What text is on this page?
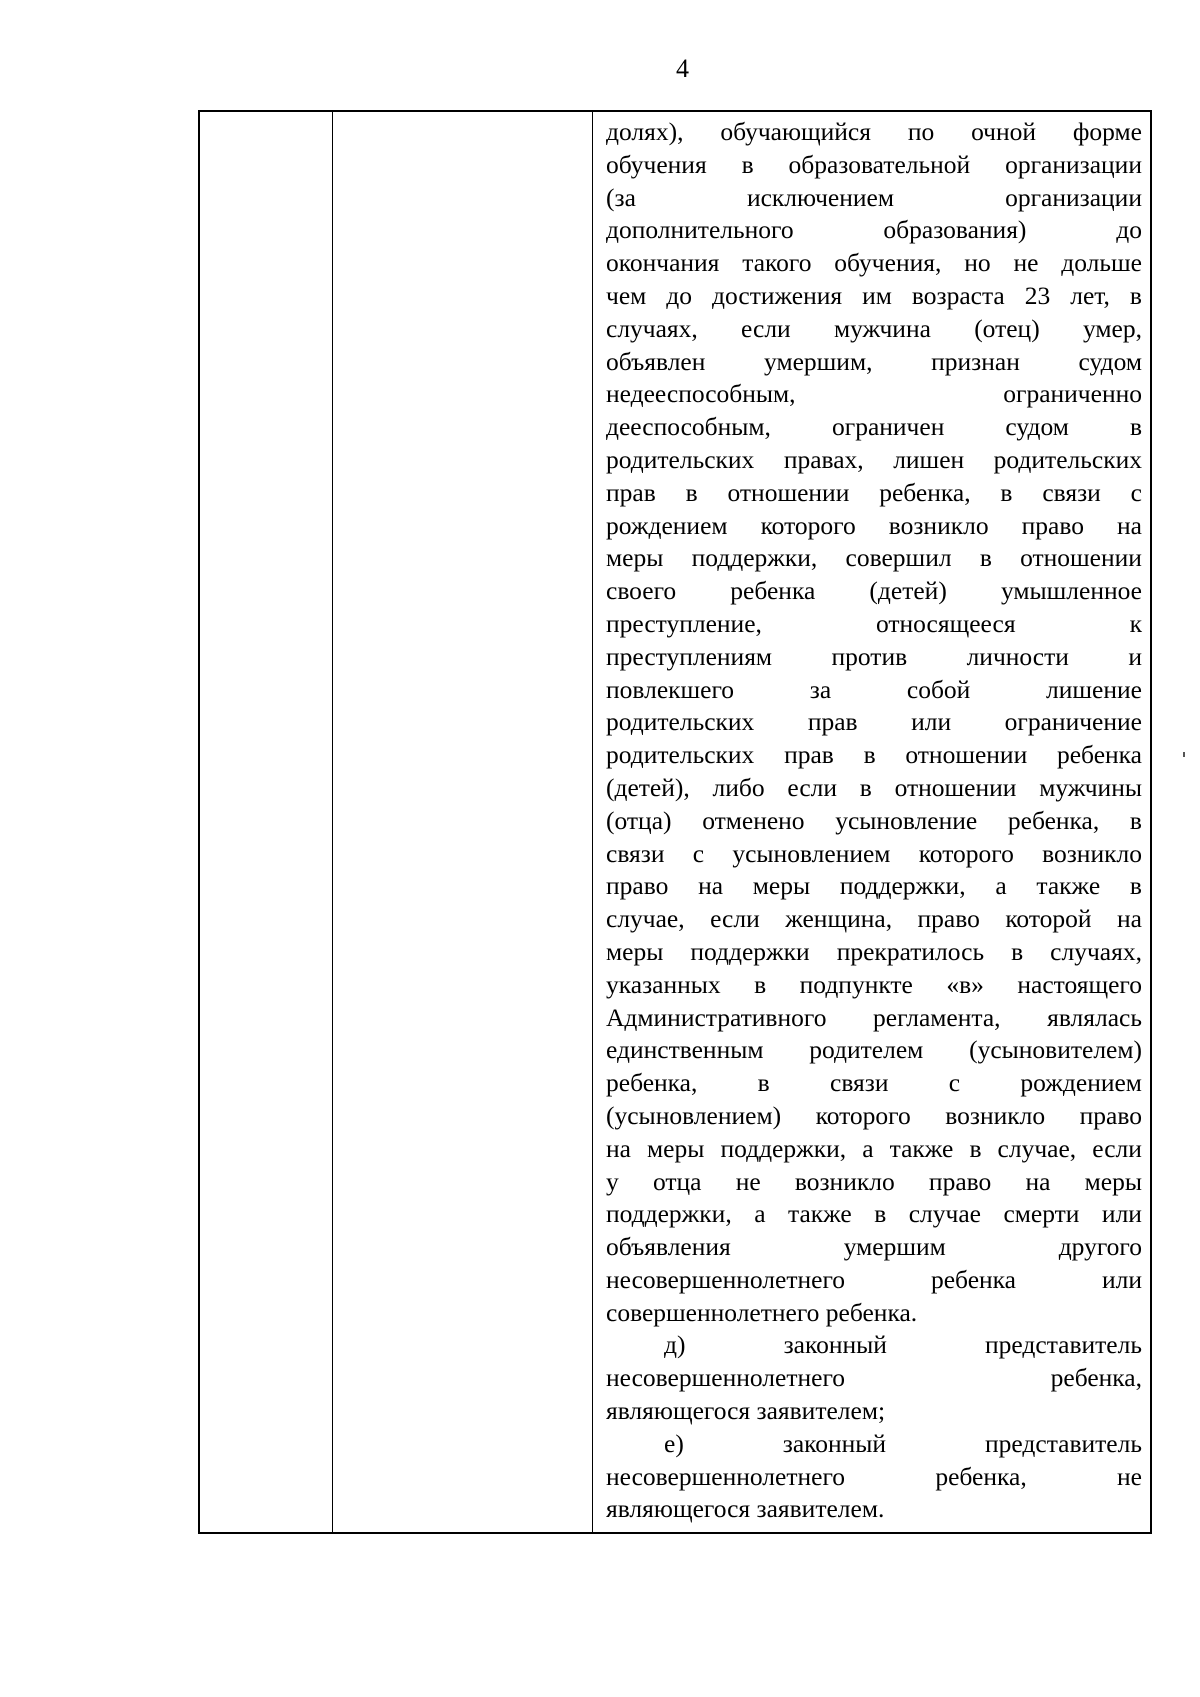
4
долях), обучающийся по очной форме
обучения в образовательной организации
(за	исключением	организации
дополнительного	образования)	до
окончания такого обучения, но не дольше
чем до достижения им возраста 23 лет, в
случаях, если мужчина (отец) умер,
объявлен умершим, признан судом
недееспособным,	ограниченно
дееспособным, ограничен судом в
родительских правах, лишен родительских
прав в отношении ребенка, в связи с
рождением которого возникло право на
меры поддержки, совершил в отношении
своего ребенка (детей) умышленное
преступление,	относящееся	к
преступлениям против личности и
повлекшего	за	собой	лишение
родительских прав или ограничение
родительских прав в отношении ребенка
(детей), либо если в отношении мужчины
(отца) отменено усыновление ребенка, в
связи с усыновлением которого возникло
право на меры поддержки, а также в
случае, если женщина, право которой на
меры поддержки прекратилось в случаях,
указанных в подпункте «в» настоящего
Административного регламента, являлась
единственным родителем (усыновителем)
ребенка, в связи с рождением
(усыновлением) которого возникло право
на меры поддержки, а также в случае, если
у отца не возникло право на меры
поддержки, а также в случае смерти или
объявления	умершим	другого
несовершеннолетнего	ребенка	или
совершеннолетнего ребенка.
д)	законный	представитель
несовершеннолетнего	ребенка,
являющегося заявителем;
е)	законный	представитель
несовершеннолетнего	ребенка,	не
являющегося заявителем.
